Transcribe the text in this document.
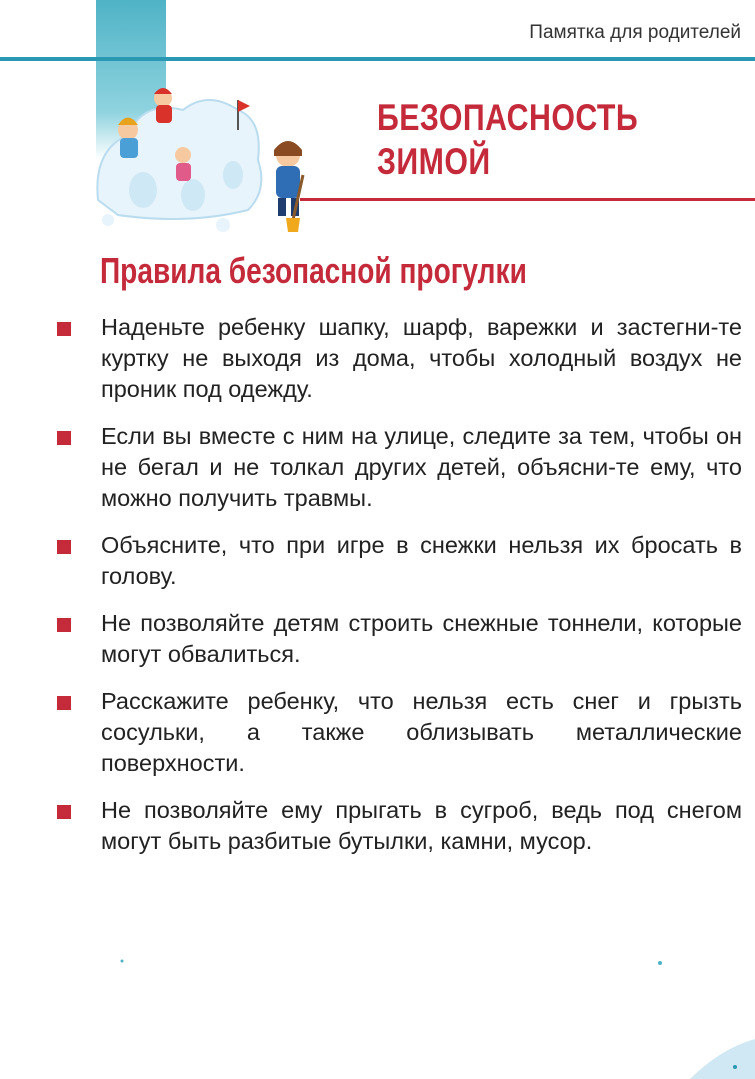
Памятка для родителей
БЕЗОПАСНОСТЬ
ЗИМОЙ
Правила безопасной прогулки
Наденьте ребенку шапку, шарф, варежки и застегни-те куртку не выходя из дома, чтобы холодный воздух не проник под одежду.
Если вы вместе с ним на улице, следите за тем, чтобы он не бегал и не толкал других детей, объясни-те ему, что можно получить травмы.
Объясните, что при игре в снежки нельзя их бросать в голову.
Не позволяйте детям строить снежные тоннели, которые могут обвалиться.
Расскажите ребенку, что нельзя есть снег и грызть сосульки, а также облизывать металлические поверхности.
Не позволяйте ему прыгать в сугроб, ведь под снегом могут быть разбитые бутылки, камни, мусор.
